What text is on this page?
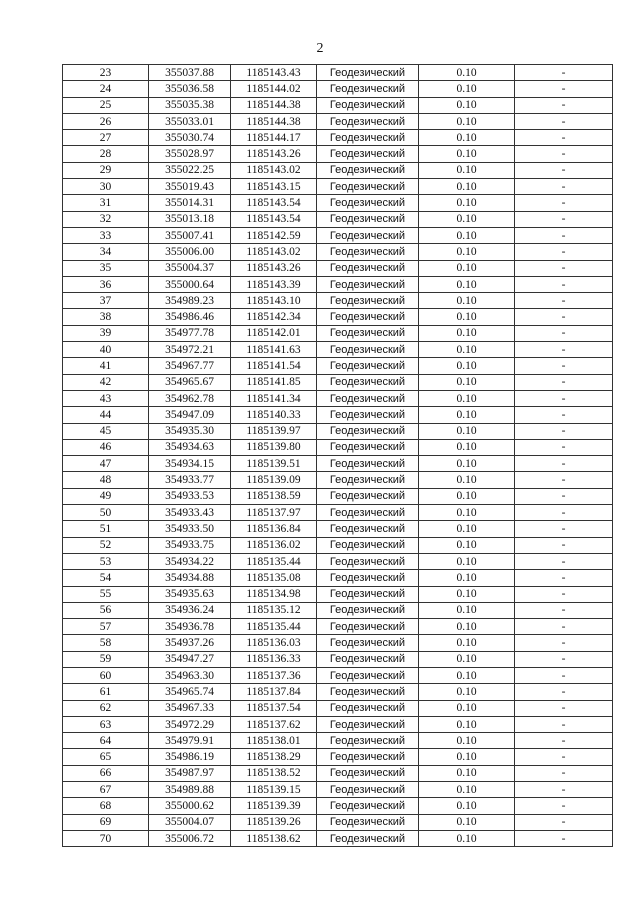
2
23	355037.88	1185143.43	Геодезический	0.10	-
24	355036.58	1185144.02	Геодезический	0.10	-
25	355035.38	1185144.38	Геодезический	0.10	-
26	355033.01	1185144.38	Геодезический	0.10	-
27	355030.74	1185144.17	Геодезический	0.10	-
28	355028.97	1185143.26	Геодезический	0.10	-
29	355022.25	1185143.02	Геодезический	0.10	-
30	355019.43	1185143.15	Геодезический	0.10	-
31	355014.31	1185143.54	Геодезический	0.10	-
32	355013.18	1185143.54	Геодезический	0.10	-
33	355007.41	1185142.59	Геодезический	0.10	-
34	355006.00	1185143.02	Геодезический	0.10	-
35	355004.37	1185143.26	Геодезический	0.10	-
36	355000.64	1185143.39	Геодезический	0.10	-
37	354989.23	1185143.10	Геодезический	0.10	-
38	354986.46	1185142.34	Геодезический	0.10	-
39	354977.78	1185142.01	Геодезический	0.10	-
40	354972.21	1185141.63	Геодезический	0.10	-
41	354967.77	1185141.54	Геодезический	0.10	-
42	354965.67	1185141.85	Геодезический	0.10	-
43	354962.78	1185141.34	Геодезический	0.10	-
44	354947.09	1185140.33	Геодезический	0.10	-
45	354935.30	1185139.97	Геодезический	0.10	-
46	354934.63	1185139.80	Геодезический	0.10	-
47	354934.15	1185139.51	Геодезический	0.10	-
48	354933.77	1185139.09	Геодезический	0.10	-
49	354933.53	1185138.59	Геодезический	0.10	-
50	354933.43	1185137.97	Геодезический	0.10	-
51	354933.50	1185136.84	Геодезический	0.10	-
52	354933.75	1185136.02	Геодезический	0.10	-
53	354934.22	1185135.44	Геодезический	0.10	-
54	354934.88	1185135.08	Геодезический	0.10	-
55	354935.63	1185134.98	Геодезический	0.10	-
56	354936.24	1185135.12	Геодезический	0.10	-
57	354936.78	1185135.44	Геодезический	0.10	-
58	354937.26	1185136.03	Геодезический	0.10	-
59	354947.27	1185136.33	Геодезический	0.10	-
60	354963.30	1185137.36	Геодезический	0.10	-
61	354965.74	1185137.84	Геодезический	0.10	-
62	354967.33	1185137.54	Геодезический	0.10	-
63	354972.29	1185137.62	Геодезический	0.10	-
64	354979.91	1185138.01	Геодезический	0.10	-
65	354986.19	1185138.29	Геодезический	0.10	-
66	354987.97	1185138.52	Геодезический	0.10	-
67	354989.88	1185139.15	Геодезический	0.10	-
68	355000.62	1185139.39	Геодезический	0.10	-
69	355004.07	1185139.26	Геодезический	0.10	-
70	355006.72	1185138.62	Геодезический	0.10	-
